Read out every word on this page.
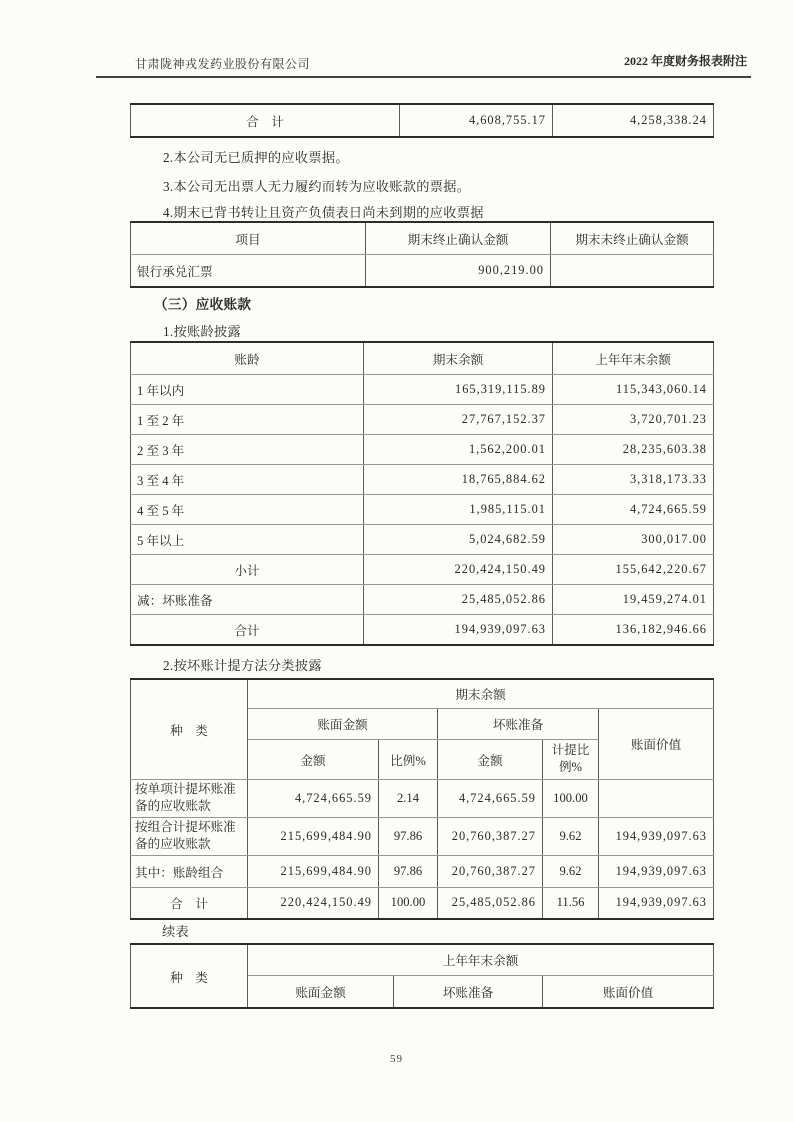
甘肃陇神戎发药业股份有限公司	2022 年度财务报表附注
合　计	4,608,755.17	4,258,338.24
2.本公司无已质押的应收票据。
3.本公司无出票人无力履约而转为应收账款的票据。
4.期末已背书转让且资产负债表日尚未到期的应收票据
项目	期末终止确认金额	期末未终止确认金额
银行承兑汇票	900,219.00	
（三）应收账款
1.按账龄披露
账龄	期末余额	上年年末余额
1 年以内	165,319,115.89	115,343,060.14
1 至 2 年	27,767,152.37	3,720,701.23
2 至 3 年	1,562,200.01	28,235,603.38
3 至 4 年	18,765,884.62	3,318,173.33
4 至 5 年	1,985,115.01	4,724,665.59
5 年以上	5,024,682.59	300,017.00
小计	220,424,150.49	155,642,220.67
减：坏账准备	25,485,052.86	19,459,274.01
合计	194,939,097.63	136,182,946.66
2.按坏账计提方法分类披露
种　类	期末余额				
	账面金额		坏账准备		账面价值
	金额	比例%	金额	计提比例%	
按单项计提坏账准备的应收账款	4,724,665.59	2.14	4,724,665.59	100.00	
按组合计提坏账准备的应收账款	215,699,484.90	97.86	20,760,387.27	9.62	194,939,097.63
其中：账龄组合	215,699,484.90	97.86	20,760,387.27	9.62	194,939,097.63
合　计	220,424,150.49	100.00	25,485,052.86	11.56	194,939,097.63
续表
种　类	上年年末余额		
	账面金额	坏账准备	账面价值
59
